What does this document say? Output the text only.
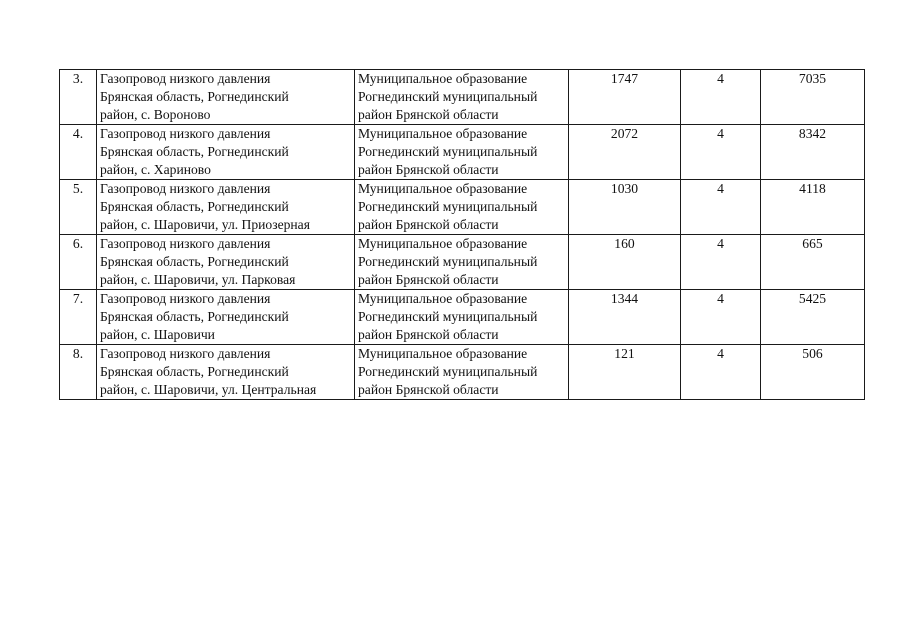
3.	Газопровод низкого давления
Брянская область, Рогнединский
район, с. Вороново	Муниципальное образование
Рогнединский муниципальный
район Брянской области	1747	4	7035
4.	Газопровод низкого давления
Брянская область, Рогнединский
район, с. Хариново	Муниципальное образование
Рогнединский муниципальный
район Брянской области	2072	4	8342
5.	Газопровод низкого давления
Брянская область, Рогнединский
район, с. Шаровичи, ул. Приозерная	Муниципальное образование
Рогнединский муниципальный
район Брянской области	1030	4	4118
6.	Газопровод низкого давления
Брянская область, Рогнединский
район, с. Шаровичи, ул. Парковая	Муниципальное образование
Рогнединский муниципальный
район Брянской области	160	4	665
7.	Газопровод низкого давления
Брянская область, Рогнединский
район, с. Шаровичи	Муниципальное образование
Рогнединский муниципальный
район Брянской области	1344	4	5425
8.	Газопровод низкого давления
Брянская область, Рогнединский
район, с. Шаровичи, ул. Центральная	Муниципальное образование
Рогнединский муниципальный
район Брянской области	121	4	506
